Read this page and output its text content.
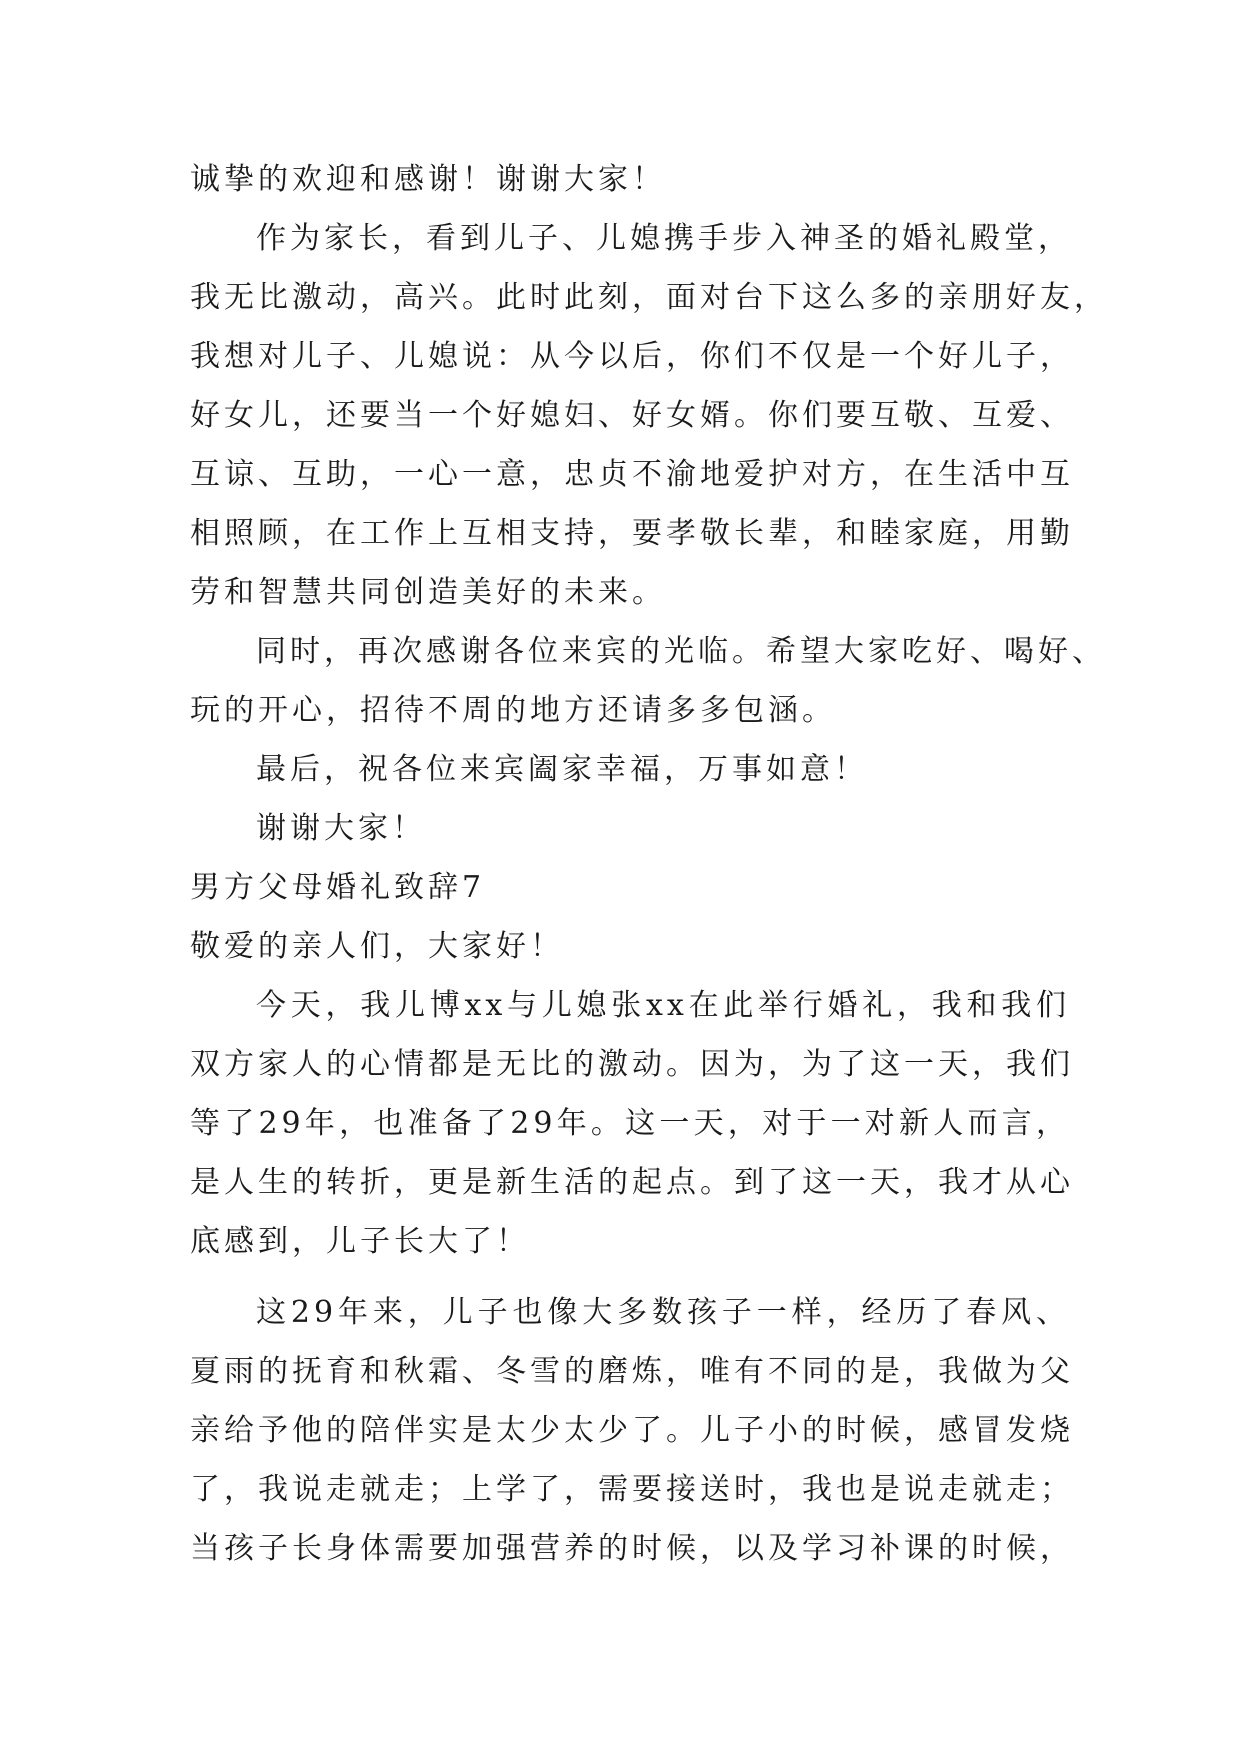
诚挚的欢迎和感谢！谢谢大家！
作为家长，看到儿子、儿媳携手步入神圣的婚礼殿堂，
我无比激动，高兴。此时此刻，面对台下这么多的亲朋好友，
我想对儿子、儿媳说：从今以后，你们不仅是一个好儿子，
好女儿，还要当一个好媳妇、好女婿。你们要互敬、互爱、
互谅、互助，一心一意，忠贞不渝地爱护对方，在生活中互
相照顾，在工作上互相支持，要孝敬长辈，和睦家庭，用勤
劳和智慧共同创造美好的未来。
同时，再次感谢各位来宾的光临。希望大家吃好、喝好、
玩的开心，招待不周的地方还请多多包涵。
最后，祝各位来宾阖家幸福，万事如意！
谢谢大家！
男方父母婚礼致辞7
敬爱的亲人们，大家好！
今天，我儿博xx与儿媳张xx在此举行婚礼，我和我们
双方家人的心情都是无比的激动。因为，为了这一天，我们
等了29年，也准备了29年。这一天，对于一对新人而言，
是人生的转折，更是新生活的起点。到了这一天，我才从心
底感到，儿子长大了！
这29年来，儿子也像大多数孩子一样，经历了春风、
夏雨的抚育和秋霜、冬雪的磨炼，唯有不同的是，我做为父
亲给予他的陪伴实是太少太少了。儿子小的时候，感冒发烧
了，我说走就走；上学了，需要接送时，我也是说走就走；
当孩子长身体需要加强营养的时候，以及学习补课的时候，
